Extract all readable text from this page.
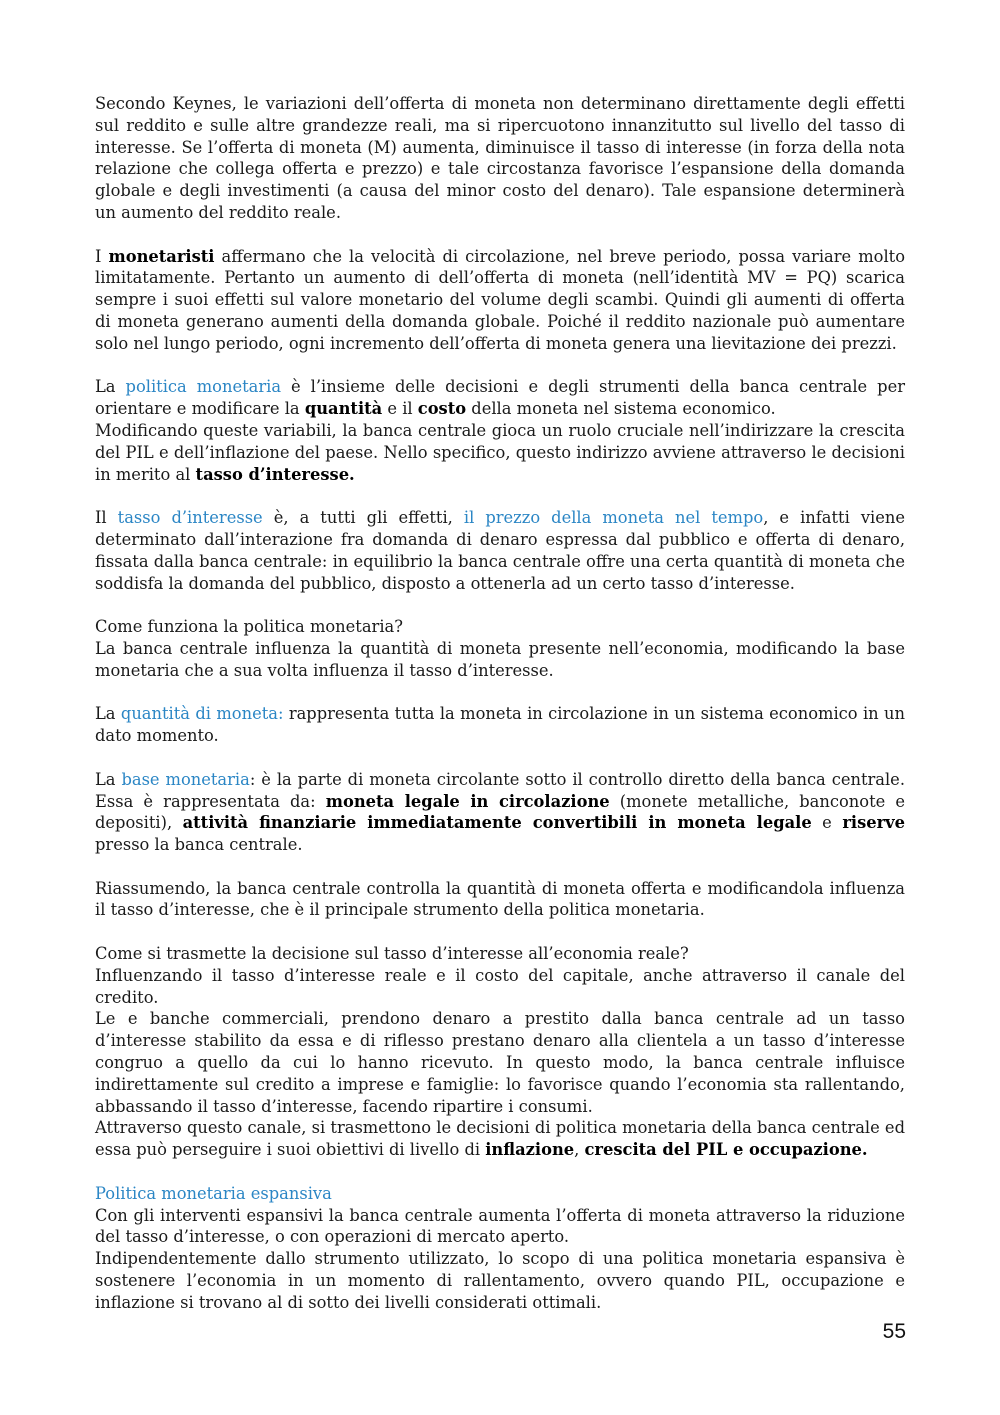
Secondo Keynes, le variazioni dell’offerta di moneta non determinano direttamente degli effetti sul reddito e sulle altre grandezze reali, ma si ripercuotono innanzitutto sul livello del tasso di interesse. Se l’offerta di moneta (M) aumenta, diminuisce il tasso di interesse (in forza della nota relazione che collega offerta e prezzo) e tale circostanza favorisce l’espansione della domanda globale e degli investimenti (a causa del minor costo del denaro). Tale espansione determinerà un aumento del reddito reale.

I monetaristi affermano che la velocità di circolazione, nel breve periodo, possa variare molto limitatamente. Pertanto un aumento di dell’offerta di moneta (nell’identità MV = PQ) scarica sempre i suoi effetti sul valore monetario del volume degli scambi. Quindi gli aumenti di offerta di moneta generano aumenti della domanda globale. Poiché il reddito nazionale può aumentare solo nel lungo periodo, ogni incremento dell’offerta di moneta genera una lievitazione dei prezzi.

La politica monetaria è l’insieme delle decisioni e degli strumenti della banca centrale per orientare e modificare la quantità e il costo della moneta nel sistema economico.

Modificando queste variabili, la banca centrale gioca un ruolo cruciale nell’indirizzare la crescita del PIL e dell’inflazione del paese. Nello specifico, questo indirizzo avviene attraverso le decisioni in merito al tasso d’interesse.

Il tasso d’interesse è, a tutti gli effetti, il prezzo della moneta nel tempo, e infatti viene determinato dall’interazione fra domanda di denaro espressa dal pubblico e offerta di denaro, fissata dalla banca centrale: in equilibrio la banca centrale offre una certa quantità di moneta che soddisfa la domanda del pubblico, disposto a ottenerla ad un certo tasso d’interesse.

Come funziona la politica monetaria?

La banca centrale influenza la quantità di moneta presente nell’economia, modificando la base monetaria che a sua volta influenza il tasso d’interesse.

La quantità di moneta: rappresenta tutta la moneta in circolazione in un sistema economico in un dato momento.

La base monetaria: è la parte di moneta circolante sotto il controllo diretto della banca centrale. Essa è rappresentata da: moneta legale in circolazione (monete metalliche, banconote e depositi), attività finanziarie immediatamente convertibili in moneta legale e riserve presso la banca centrale.

Riassumendo, la banca centrale controlla la quantità di moneta offerta e modificandola influenza il tasso d’interesse, che è il principale strumento della politica monetaria.

Come si trasmette la decisione sul tasso d’interesse all’economia reale?

Influenzando il tasso d’interesse reale e il costo del capitale, anche attraverso il canale del credito.

Le e banche commerciali, prendono denaro a prestito dalla banca centrale ad un tasso d’interesse stabilito da essa e di riflesso prestano denaro alla clientela a un tasso d’interesse congruo a quello da cui lo hanno ricevuto. In questo modo, la banca centrale influisce indirettamente sul credito a imprese e famiglie: lo favorisce quando l’economia sta rallentando, abbassando il tasso d’interesse, facendo ripartire i consumi.

Attraverso questo canale, si trasmettono le decisioni di politica monetaria della banca centrale ed essa può perseguire i suoi obiettivi di livello di inflazione, crescita del PIL e occupazione.

Politica monetaria espansiva

Con gli interventi espansivi la banca centrale aumenta l’offerta di moneta attraverso la riduzione del tasso d’interesse, o con operazioni di mercato aperto.

Indipendentemente dallo strumento utilizzato, lo scopo di una politica monetaria espansiva è sostenere l’economia in un momento di rallentamento, ovvero quando PIL, occupazione e inflazione si trovano al di sotto dei livelli considerati ottimali.

55
